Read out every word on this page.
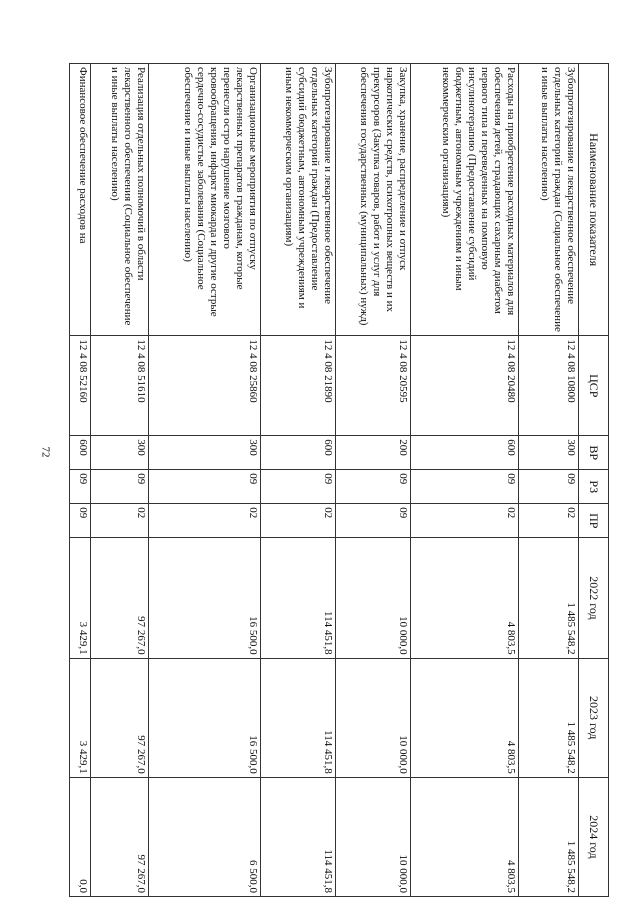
72
Наименование показателя	ЦСР	ВР	РЗ	ПР	2022 год	2023 год	2024 год
Зубопротезирование и лекарственное обеспечение отдельных категорий граждан (Социальное обеспечение и иные выплаты населению)	12 4 08 10800	300	09	02	1 485 548,2	1 485 548,2	1 485 548,2
Расходы на приобретение расходных материалов для обеспечения детей, страдающих сахарным диабетом первого типа и переведенных на помповую инсулинотерапию (Предоставление субсидий бюджетным, автономным учреждениям и иным некоммерческим организациям)	12 4 08 20480	600	09	02	4 803,5	4 803,5	4 803,5
Закупка, хранение, распределение и отпуск наркотических средств, психотропных веществ и их прекурсоров (Закупка товаров, работ и услуг для обеспечения государственных (муниципальных) нужд)	12 4 08 20595	200	09	09	10 000,0	10 000,0	10 000,0
Зубопротезирование и лекарственное обеспечение отдельных категорий граждан (Предоставление субсидий бюджетным, автономным учреждениям и иным некоммерческим организациям)	12 4 08 21890	600	09	02	114 451,8	114 451,8	114 451,8
Организационные мероприятия по отпуску лекарственных препаратов гражданам, которые перенесли остро нарушение мозгового кровообращения, инфаркт миокарда и другие острые сердечно-сосудистые заболевания (Социальное обеспечение и иные выплаты населению)	12 4 08 25860	300	09	02	16 500,0	16 500,0	6 500,0
Реализация отдельных полномочий в области лекарственного обеспечения (Социальное обеспечение и иные выплаты населению)	12 4 08 51610	300	09	02	97 267,0	97 267,0	97 267,0
Финансовое обеспечение расходов на	12 4 08 52160	600	09	09	3 429,1	3 429,1	0,0
